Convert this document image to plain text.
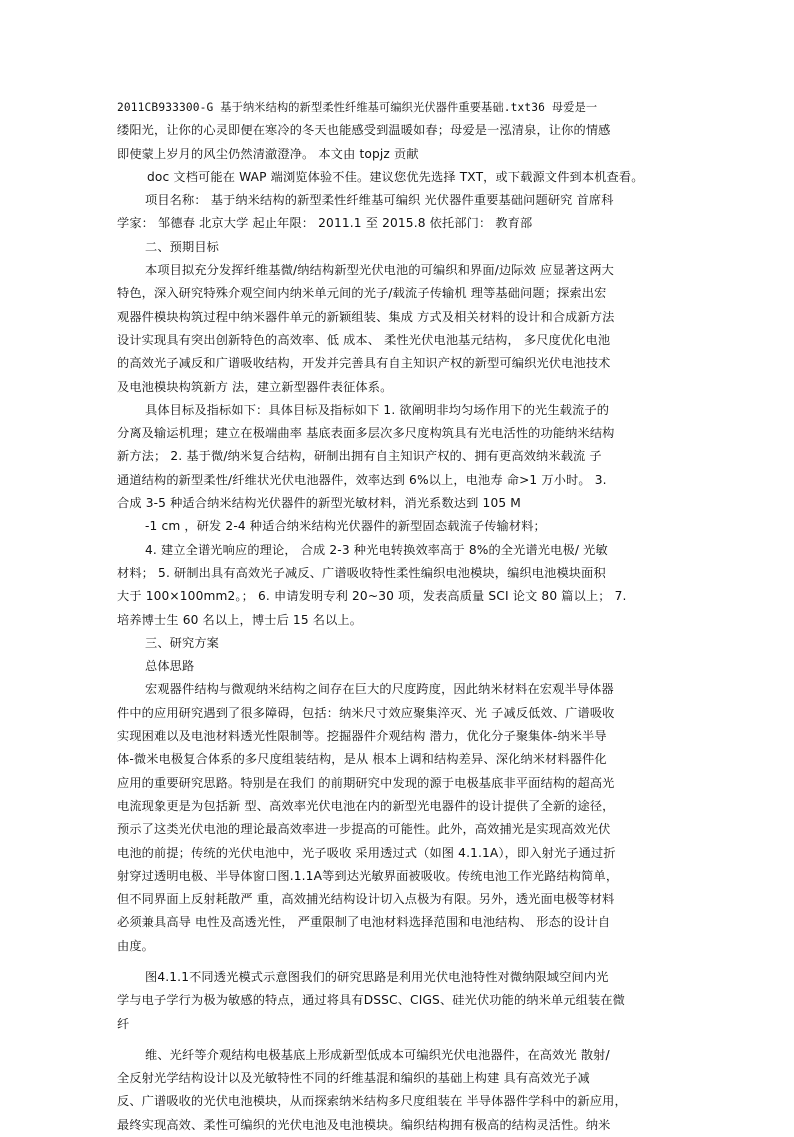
2011CB933300-G 基于纳米结构的新型柔性纤维基可编织光伏器件重要基础.txt36 母爱是一
缕阳光，让你的心灵即便在寒冷的冬天也能感受到温暖如春；母爱是一泓清泉，让你的情感
即使蒙上岁月的风尘仍然清澈澄净。 本文由 topjz 贡献
doc 文档可能在 WAP 端浏览体验不佳。建议您优先选择 TXT，或下载源文件到本机查看。
项目名称： 基于纳米结构的新型柔性纤维基可编织 光伏器件重要基础问题研究 首席科
学家： 邹德春 北京大学 起止年限： 2011.1 至 2015.8 依托部门： 教育部
二、预期目标
本项目拟充分发挥纤维基微/纳结构新型光伏电池的可编织和界面/边际效 应显著这两大
特色，深入研究特殊介观空间内纳米单元间的光子/载流子传输机 理等基础问题；探索出宏
观器件模块构筑过程中纳米器件单元的新颖组装、集成 方式及相关材料的设计和合成新方法
设计实现具有突出创新特色的高效率、低 成本、 柔性光伏电池基元结构， 多尺度优化电池
的高效光子减反和广谱吸收结构，开发并完善具有自主知识产权的新型可编织光伏电池技术
及电池模块构筑新方 法，建立新型器件表征体系。
具体目标及指标如下：具体目标及指标如下 1. 欲阐明非均匀场作用下的光生载流子的
分离及输运机理；建立在极端曲率 基底表面多层次多尺度构筑具有光电活性的功能纳米结构
新方法； 2. 基于微/纳米复合结构，研制出拥有自主知识产权的、拥有更高效纳米载流 子
通道结构的新型柔性/纤维状光伏电池器件，效率达到 6%以上，电池寿 命>1 万小时。 3.
合成 3-5 种适合纳米结构光伏器件的新型光敏材料，消光系数达到 105 M
-1 cm ，研发 2-4 种适合纳米结构光伏器件的新型固态载流子传输材料；
4. 建立全谱光响应的理论， 合成 2-3 种光电转换效率高于 8%的全光谱光电极/ 光敏
材料； 5. 研制出具有高效光子减反、广谱吸收特性柔性编织电池模块，编织电池模块面积
大于 100×100mm2。； 6. 申请发明专利 20~30 项，发表高质量 SCI 论文 80 篇以上； 7.
培养博士生 60 名以上，博士后 15 名以上。
三、研究方案
总体思路
宏观器件结构与微观纳米结构之间存在巨大的尺度跨度，因此纳米材料在宏观半导体器
件中的应用研究遇到了很多障碍，包括：纳米尺寸效应聚集淬灭、光 子减反低效、广谱吸收
实现困难以及电池材料透光性限制等。挖掘器件介观结构 潜力，优化分子聚集体-纳米半导
体-微米电极复合体系的多尺度组装结构，是从 根本上调和结构差异、深化纳米材料器件化
应用的重要研究思路。特别是在我们 的前期研究中发现的源于电极基底非平面结构的超高光
电流现象更是为包括新 型、高效率光伏电池在内的新型光电器件的设计提供了全新的途径，
预示了这类光伏电池的理论最高效率进一步提高的可能性。此外，高效捕光是实现高效光伏
电池的前提；传统的光伏电池中，光子吸收 采用透过式（如图 4.1.1A），即入射光子通过折
射穿过透明电极、半导体窗口图.1.1A等到达光敏界面被吸收。传统电池工作光路结构简单，
但不同界面上反射耗散严 重，高效捕光结构设计切入点极为有限。另外，透光面电极等材料
必须兼具高导 电性及高透光性， 严重限制了电池材料选择范围和电池结构、 形态的设计自
由度。
图4.1.1不同透光模式示意图我们的研究思路是利用光伏电池特性对微纳限域空间内光
学与电子学行为极为敏感的特点，通过将具有DSSC、CIGS、硅光伏功能的纳米单元组装在微
纤
维、光纤等介观结构电极基底上形成新型低成本可编织光伏电池器件，在高效光 散射/
全反射光学结构设计以及光敏特性不同的纤维基混和编织的基础上构建 具有高效光子减
反、广谱吸收的光伏电池模块，从而探索纳米结构多尺度组装在 半导体器件学科中的新应用，
最终实现高效、柔性可编织的光伏电池及电池模块。编织结构拥有极高的结构灵活性。纳米
